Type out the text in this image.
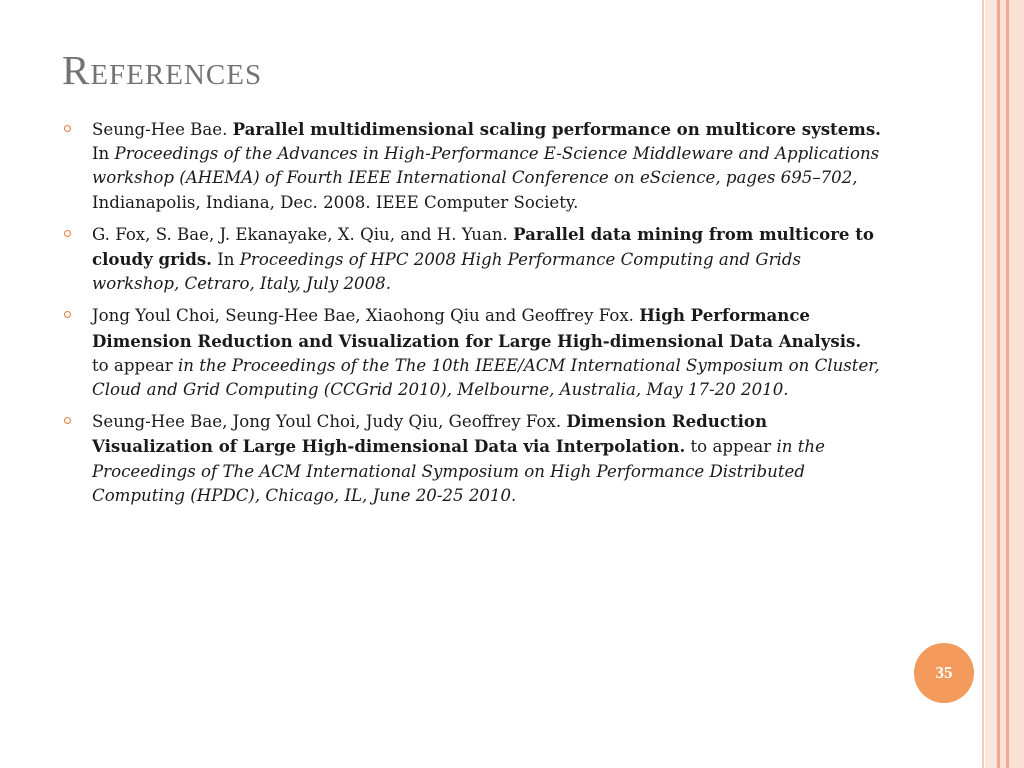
References
Seung-Hee Bae. Parallel multidimensional scaling performance on multicore systems. In Proceedings of the Advances in High-Performance E-Science Middleware and Applications workshop (AHEMA) of Fourth IEEE International Conference on eScience, pages 695–702, Indianapolis, Indiana, Dec. 2008. IEEE Computer Society.
G. Fox, S. Bae, J. Ekanayake, X. Qiu, and H. Yuan. Parallel data mining from multicore to cloudy grids. In Proceedings of HPC 2008 High Performance Computing and Grids workshop, Cetraro, Italy, July 2008.
Jong Youl Choi, Seung-Hee Bae, Xiaohong Qiu and Geoffrey Fox. High Performance Dimension Reduction and Visualization for Large High-dimensional Data Analysis. to appear in the Proceedings of the The 10th IEEE/ACM International Symposium on Cluster, Cloud and Grid Computing (CCGrid 2010), Melbourne, Australia, May 17-20 2010.
Seung-Hee Bae, Jong Youl Choi, Judy Qiu, Geoffrey Fox. Dimension Reduction Visualization of Large High-dimensional Data via Interpolation. to appear in the Proceedings of The ACM International Symposium on High Performance Distributed Computing (HPDC), Chicago, IL, June 20-25 2010.
35
